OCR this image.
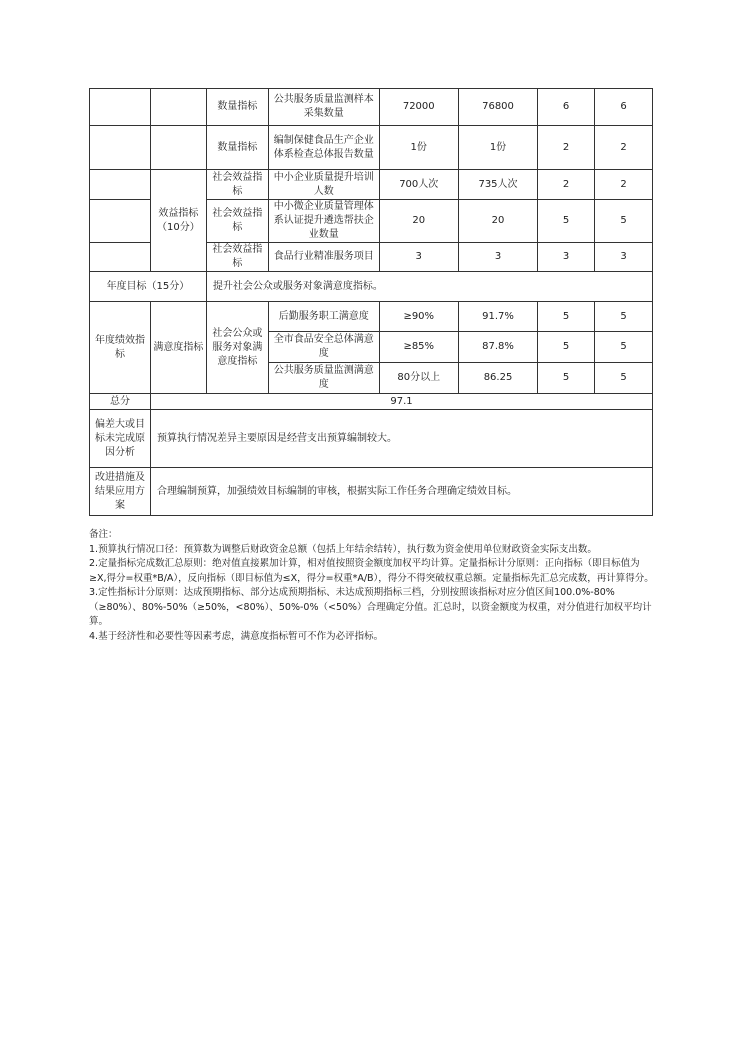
		数量指标	公共服务质量监测样本采集数量	72000	76800	6	6
		数量指标	编制保健食品生产企业体系检查总体报告数量	1份	1份	2	2
	效益指标（10分）	社会效益指标	中小企业质量提升培训人数	700人次	735人次	2	2
		社会效益指标	中小微企业质量管理体系认证提升遴选帮扶企业数量	20	20	5	5
		社会效益指标	食品行业精准服务项目	3	3	3	3
年度目标（15分）		提升社会公众或服务对象满意度指标。					
年度绩效指标	满意度指标	社会公众或服务对象满意度指标	后勤服务职工满意度	≥90%	91.7%	5	5
			全市食品安全总体满意度	≥85%	87.8%	5	5
			公共服务质量监测满意度	80分以上	86.25	5	5
总分	97.1						
偏差大或目标未完成原因分析	预算执行情况差异主要原因是经营支出预算编制较大。						
改进措施及结果应用方案	合理编制预算，加强绩效目标编制的审核，根据实际工作任务合理确定绩效目标。						

备注：

1.预算执行情况口径：预算数为调整后财政资金总额（包括上年结余结转），执行数为资金使用单位财政资金实际支出数。

2.定量指标完成数汇总原则：绝对值直接累加计算，相对值按照资金额度加权平均计算。定量指标计分原则：正向指标（即目标值为≥X,得分=权重*B/A），反向指标（即目标值为≤X，得分=权重*A/B），得分不得突破权重总额。定量指标先汇总完成数，再计算得分。

3.定性指标计分原则：达成预期指标、部分达成预期指标、未达成预期指标三档，分别按照该指标对应分值区间100.0%-80%（≥80%）、80%-50%（≥50%，<80%）、50%-0%（<50%）合理确定分值。汇总时，以资金额度为权重，对分值进行加权平均计算。

4.基于经济性和必要性等因素考虑，满意度指标暂可不作为必评指标。
